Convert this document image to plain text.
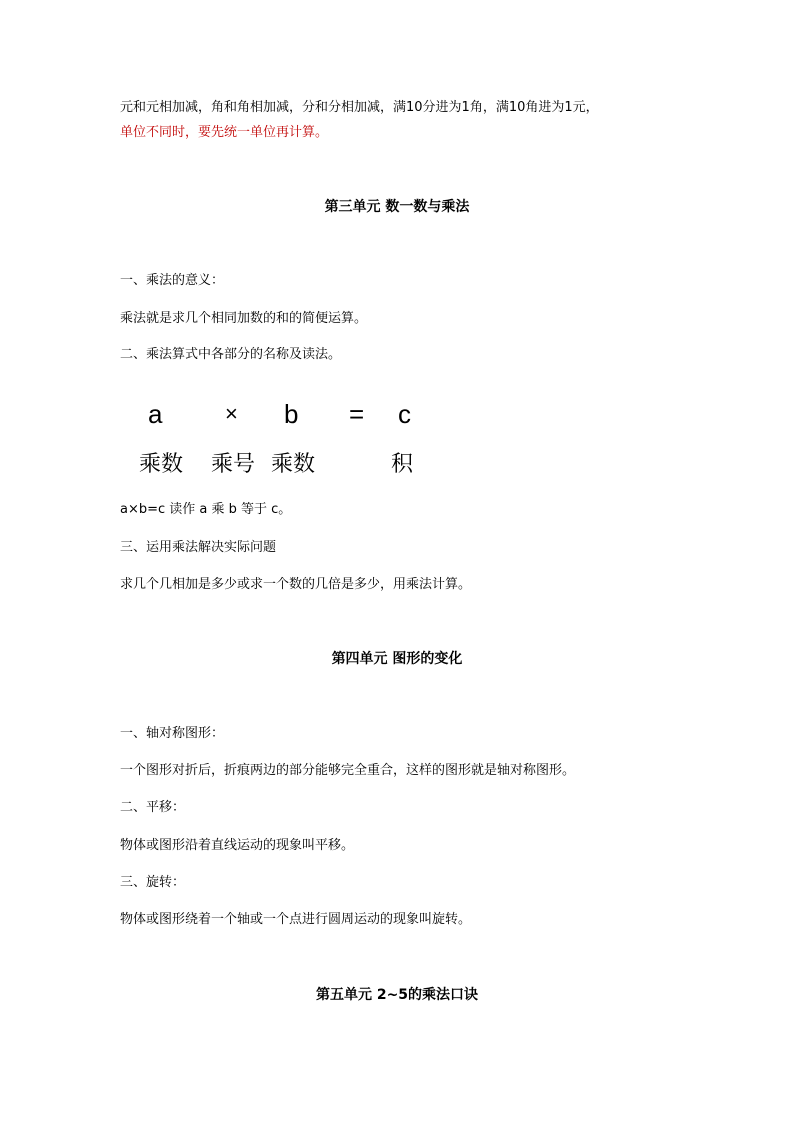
元和元相加减，角和角相加减，分和分相加减，满10分进为1角，满10角进为1元，
单位不同时，要先统一单位再计算。
第三单元 数一数与乘法
一、乘法的意义：
乘法就是求几个相同加数的和的简便运算。
二、乘法算式中各部分的名称及读法。
a	× b = c
乘数 乘号 乘数	积
a×b=c 读作 a 乘 b 等于 c。
三、运用乘法解决实际问题
求几个几相加是多少或求一个数的几倍是多少，用乘法计算。
第四单元 图形的变化
一、轴对称图形：
一个图形对折后，折痕两边的部分能够完全重合，这样的图形就是轴对称图形。
二、平移：
物体或图形沿着直线运动的现象叫平移。
三、旋转：
物体或图形绕着一个轴或一个点进行圆周运动的现象叫旋转。
第五单元 2~5的乘法口诀
